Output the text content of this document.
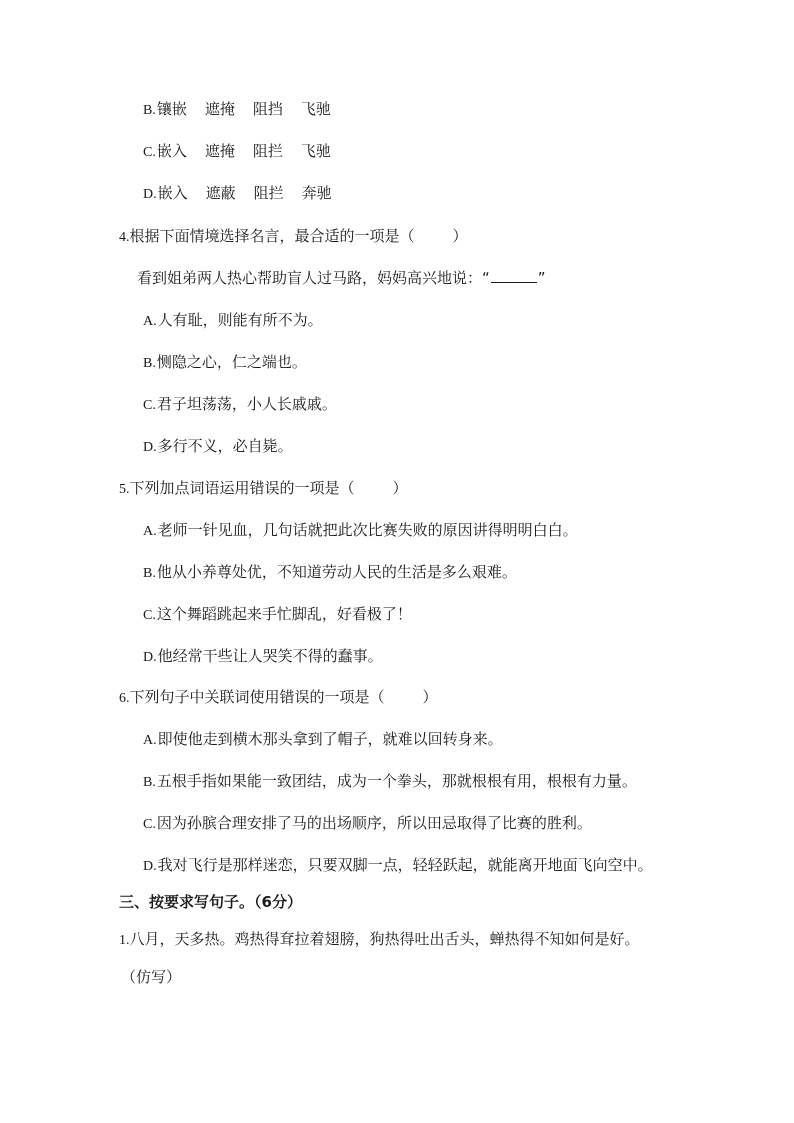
B.镶嵌 遮掩 阻挡 飞驰
C.嵌入 遮掩 阻拦 飞驰
D.嵌入 遮蔽 阻拦 奔驰
4.根据下面情境选择名言，最合适的一项是（	）
看到姐弟两人热心帮助盲人过马路，妈妈高兴地说：“	”
A.人有耻，则能有所不为。
B.恻隐之心，仁之端也。
C.君子坦荡荡，小人长戚戚。
D.多行不义，必自毙。
5.下列加点词语运用错误的一项是（	）
A.老师一针见血，几句话就把此次比赛失败的原因讲得明明白白。
B.他从小养尊处优，不知道劳动人民的生活是多么艰难。
C.这个舞蹈跳起来手忙脚乱，好看极了！
D.他经常干些让人哭笑不得的蠢事。
6.下列句子中关联词使用错误的一项是（	）
A.即使他走到横木那头拿到了帽子，就难以回转身来。
B.五根手指如果能一致团结，成为一个拳头，那就根根有用，根根有力量。
C.因为孙膑合理安排了马的出场顺序，所以田忌取得了比赛的胜利。
D.我对飞行是那样迷恋，只要双脚一点，轻轻跃起，就能离开地面飞向空中。
三、按要求写句子。（6分）
1.八月，天多热。鸡热得耷拉着翅膀，狗热得吐出舌头，蝉热得不知如何是好。
（仿写）
